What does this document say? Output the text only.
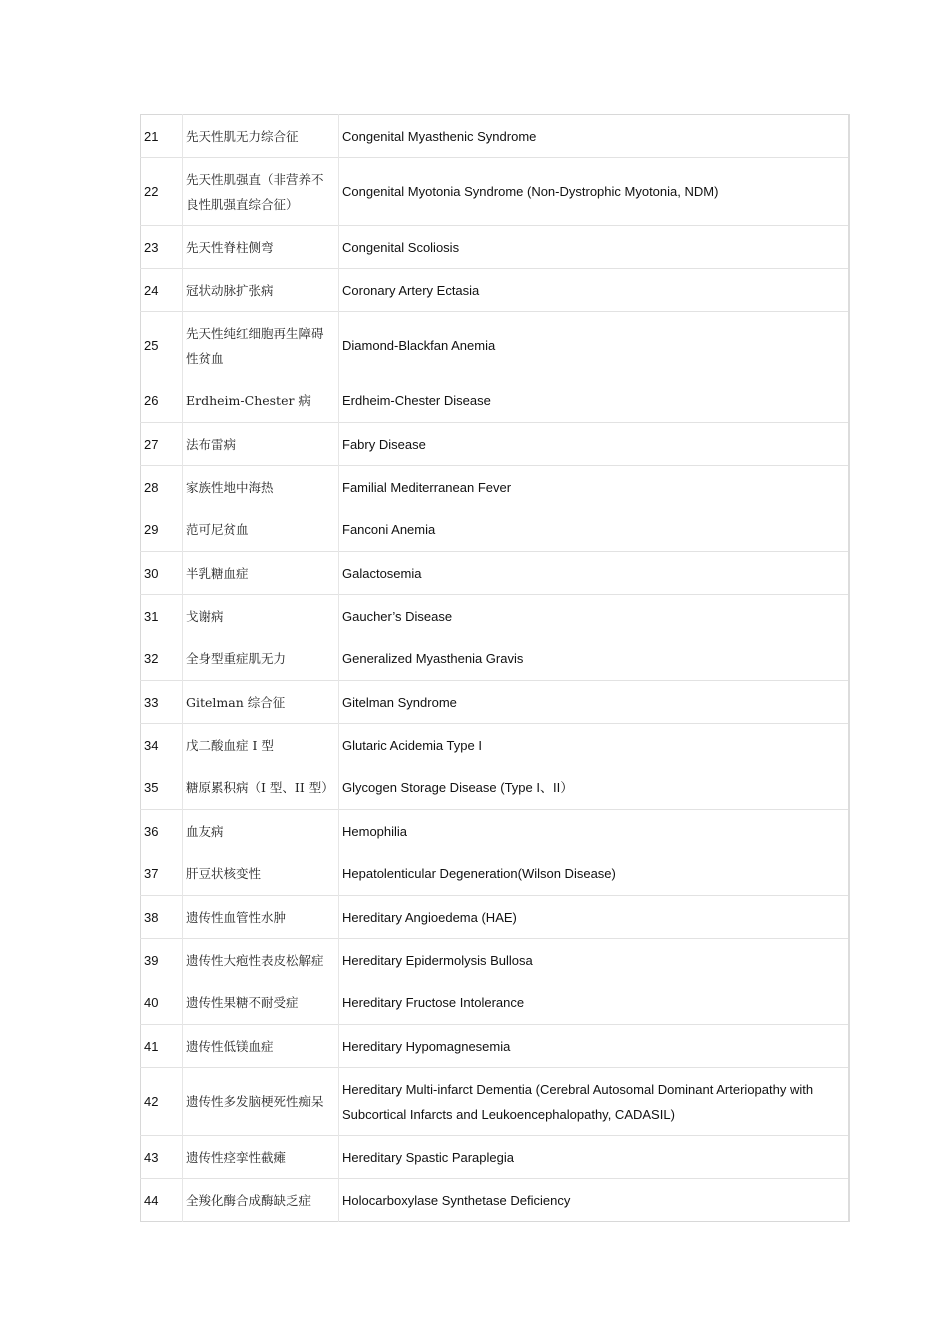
21	先天性肌无力综合征	Congenital Myasthenic Syndrome
22	先天性肌强直（非营养不良性肌强直综合征）	Congenital Myotonia Syndrome (Non-Dystrophic Myotonia, NDM)
23	先天性脊柱侧弯	Congenital Scoliosis
24	冠状动脉扩张病	Coronary Artery Ectasia
25	先天性纯红细胞再生障碍性贫血	Diamond-Blackfan Anemia
26	Erdheim-Chester 病	Erdheim-Chester Disease
27	法布雷病	Fabry Disease
28	家族性地中海热	Familial Mediterranean Fever
29	范可尼贫血	Fanconi Anemia
30	半乳糖血症	Galactosemia
31	戈谢病	Gaucher’s Disease
32	全身型重症肌无力	Generalized Myasthenia Gravis
33	Gitelman 综合征	Gitelman Syndrome
34	戊二酸血症 I 型	Glutaric Acidemia Type I
35	糖原累积病（I 型、II 型）	Glycogen Storage Disease (Type I、II）
36	血友病	Hemophilia
37	肝豆状核变性	Hepatolenticular Degeneration(Wilson Disease)
38	遗传性血管性水肿	Hereditary Angioedema (HAE)
39	遗传性大疱性表皮松解症	Hereditary Epidermolysis Bullosa
40	遗传性果糖不耐受症	Hereditary Fructose Intolerance
41	遗传性低镁血症	Hereditary Hypomagnesemia
42	遗传性多发脑梗死性痴呆	Hereditary Multi-infarct Dementia (Cerebral Autosomal Dominant Arteriopathy with Subcortical Infarcts and Leukoencephalopathy, CADASIL)
43	遗传性痉挛性截瘫	Hereditary Spastic Paraplegia
44	全羧化酶合成酶缺乏症	Holocarboxylase Synthetase Deficiency
